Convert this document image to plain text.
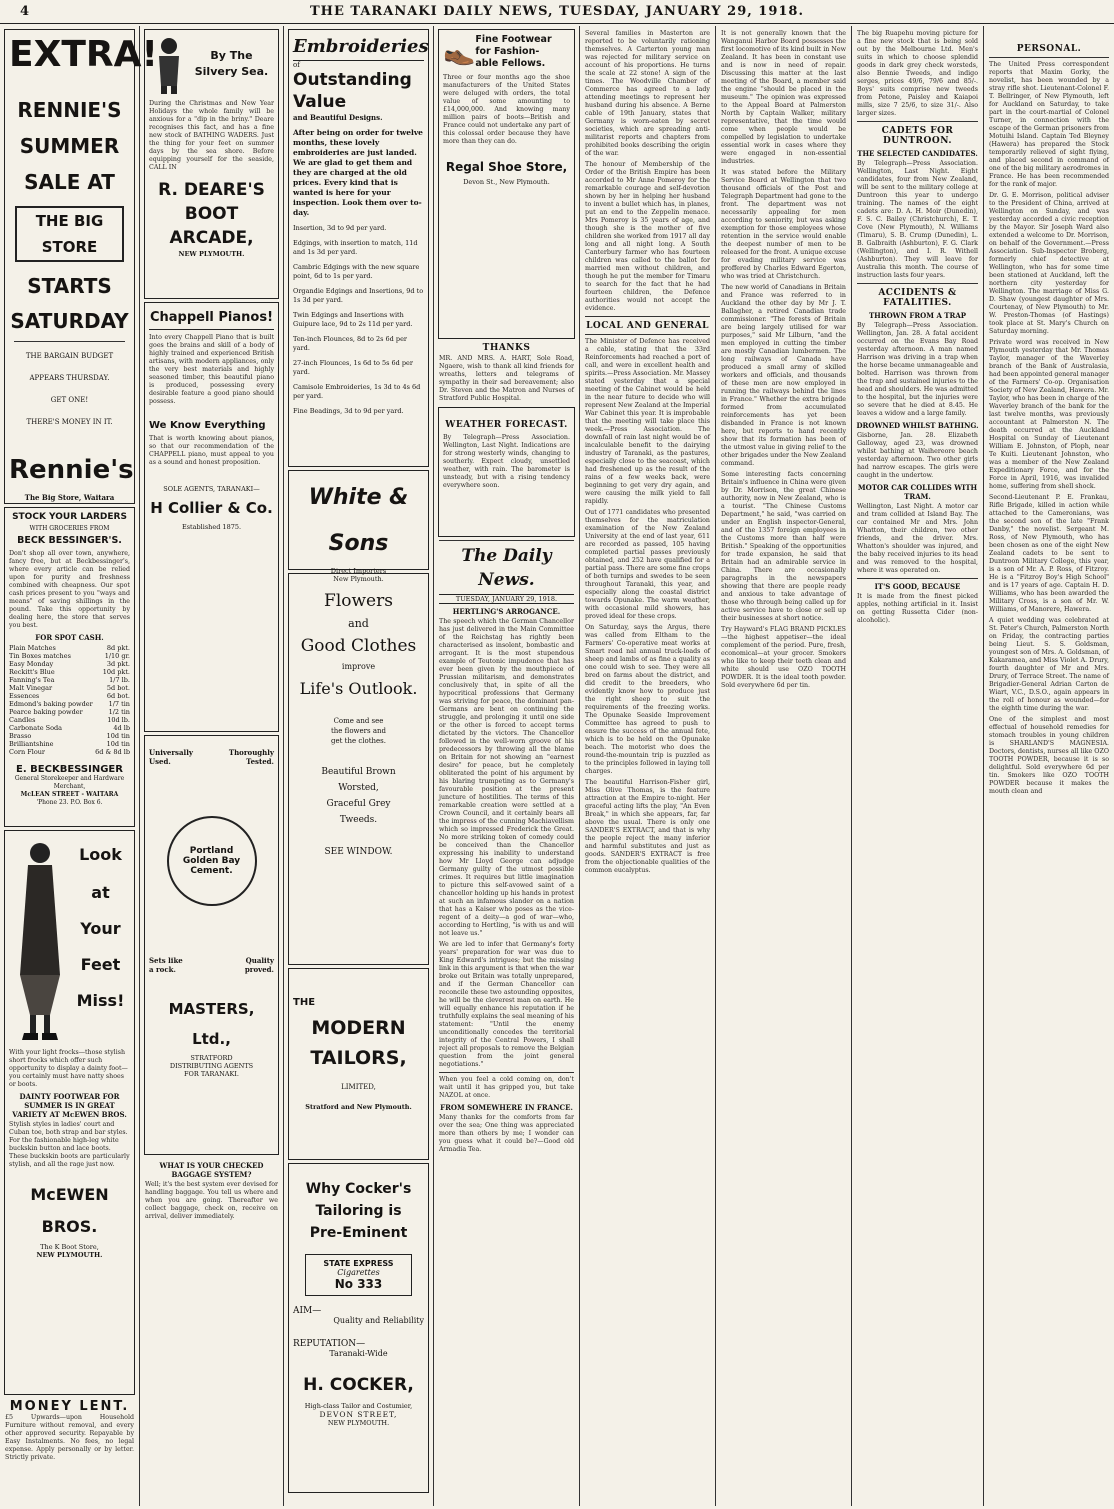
4	THE TARANAKI DAILY NEWS, TUESDAY, JANUARY 29, 1918.
EXTRA!
RENNIE'S
SUMMER
SALE AT
THE BIG STORE
STARTS
SATURDAY
THE BARGAIN BUDGET
APPEARS THURSDAY.
GET ONE!
THERE'S MONEY IN IT.
Rennie's
The Big Store, Waitara
STOCK YOUR LARDERS
WITH GROCERIES FROM
BECK BESSINGER'S.
Don't shop all over town, anywhere, fancy free, but at Beckbessinger's, where every article can be relied upon for purity and freshness combined with cheapness. Our spot cash prices present to you "ways and means" of saving shillings in the pound. Take this opportunity by dealing here, the store that serves you best.
FOR SPOT CASH.
Plain Matches	8d pkt.
Tin Boxes matches	1/10 gr.
Easy Monday	3d pkt.
Reckitt's Blue	10d pkt.
Fanning's Tea	1/7 lb.
Malt Vinegar	5d bot.
Essences	6d bot.
Edmond's baking powder 1/7 tin
Pearce baking powder	1/2 tin
Candles	10d lb.
Carbonate Soda	4d lb
Brasso	10d tin
Brilliantshine	10d tin
Corn Flour	6d & 8d lb
E. BECKBESSINGER
General Storekeeper and Hardware Merchant,
McLEAN STREET - WAITARA
'Phone 23. P.O. Box 6.
Look
at
Your
Feet
Miss!
With your light frocks—those stylish short frocks which offer such opportunity to display a dainty foot—you certainly must have natty shoes or boots.
DAINTY FOOTWEAR FOR SUMMER IS IN GREAT VARIETY AT McEWEN BROS.
Stylish styles in ladies' court and Cuban toe, both strap and bar styles. For the fashionable high-leg white buckskin button and lace boots. These buckskin boots are particularly stylish, and all the rage just now.
McEWEN BROS.
The K Boot Store,
NEW PLYMOUTH.
MONEY LENT.
£5 Upwards—upon Household Furniture without removal, and every other approved security. Repayable by Easy Instalments. No fees, no legal expense. Apply personally or by letter. Strictly private.
By The
Silvery Sea.
During the Christmas and New Year Holidays the whole family will be anxious for a "dip in the briny." Deare recognises this fact, and has a fine new stock of BATHING WADERS. Just the thing for your feet on summer days by the sea shore. Before equipping yourself for the seaside, CALL IN
R. DEARE'S
BOOT
ARCADE,
NEW PLYMOUTH.
Chappell Pianos!
Into every Chappell Piano that is built goes the brains and skill of a body of highly trained and experienced British artisans, with modern appliances, only the very best materials and highly seasoned timber, this beautiful piano is produced, possessing every desirable feature a good piano should possess.
We Know Everything
That is worth knowing about pianos, so that our recommendation of the CHAPPELL piano, must appeal to you as a sound and honest proposition.
SOLE AGENTS, TARANAKI—
H Collier & Co.
Established 1875.
Universally	Thoroughly
Used.	Tested.
Portland
Golden Bay
Cement.
Sets like	Quality
a rock.	proved.
MASTERS, Ltd.,
STRATFORD
DISTRIBUTING AGENTS
FOR TARANAKI.
WHAT IS YOUR CHECKED BAGGAGE SYSTEM?
Well; it's the best system ever devised for handling baggage. You tell us where and when you are going. Thereafter we collect baggage, check on, receive on arrival, deliver immediately.
Embroideries
of
Outstanding
Value
and Beautiful Designs.
After being on order for twelve months, these lovely embroideries are just landed. We are glad to get them and they are charged at the old prices. Every kind that is wanted is here for your inspection. Look them over to-day.
Insertion, 3d to 9d per yard.
Edgings, with insertion to match, 11d and 1s 3d per yard.
Cambric Edgings with the new square point, 6d to 1s per yard.
Organdie Edgings and Insertions, 9d to 1s 3d per yard.
Twin Edgings and Insertions with Guipure lace, 9d to 2s 11d per yard.
Ten-inch Flounces, 8d to 2s 6d per yard.
27-inch Flounces, 1s 6d to 5s 6d per yard.
Camisole Embroideries, 1s 3d to 4s 6d per yard.
Fine Beadings, 3d to 9d per yard.
White & Sons
Direct Importers
New Plymouth.
Flowers
and
Good Clothes
improve
Life's Outlook.
Come and see
the flowers and
get the clothes.
Beautiful Brown
Worsted,
Graceful Grey
Tweeds.
SEE WINDOW.
THE
MODERN
TAILORS,
LIMITED,
Stratford and New Plymouth.
Why Cocker's
Tailoring is
Pre-Eminent
STATE EXPRESS
Cigarettes
No 333
AIM—
Quality and Reliability
REPUTATION—
Taranaki-Wide
H. COCKER,
High-class Tailor and Costumier,
DEVON STREET,
NEW PLYMOUTH.
👞 Fine Footwear
for Fashion-
able Fellows.
Three or four months ago the shoe manufacturers of the United States were deluged with orders, the total value of some amounting to £14,000,000. And knowing many million pairs of boots—British and France could not undertake any part of this colossal order because they have more than they can do.
Regal Shoe Store,
Devon St., New Plymouth.
THANKS
MR. AND MRS. A. HART, Sole Road, Ngaere, wish to thank all kind friends for wreaths, letters and telegrams of sympathy in their sad bereavement; also Dr. Steven and the Matron and Nurses of Stratford Public Hospital.
WEATHER FORECAST.
By Telegraph—Press Association. Wellington, Last Night. Indications are for strong westerly winds, changing to southerly. Expect cloudy, unsettled weather, with rain. The barometer is unsteady, but with a rising tendency everywhere soon.
The Daily News.
TUESDAY, JANUARY 29, 1918.
HERTLING'S ARROGANCE.
The speech which the German Chancellor has just delivered in the Main Committee of the Reichstag has rightly been characterised as insolent, bombastic and arrogant. It is the most stupendous example of Teutonic impudence that has ever been given by the mouthpiece of Prussian militarism, and demonstrates conclusively that, in spite of all the hypocritical professions that Germany was striving for peace, the dominant pan-Germans are bent on continuing the struggle, and prolonging it until one side or the other is forced to accept terms dictated by the victors. The Chancellor followed in the well-worn groove of his predecessors by throwing all the blame on Britain for not showing an "earnest desire" for peace, but he completely obliterated the point of his argument by his blaring trumpeting as to Germany's favourable position at the present juncture of hostilities. The terms of this remarkable creation were settled at a Crown Council, and it certainly bears all the impress of the cunning Machiavellism which so impressed Frederick the Great. No more striking token of comedy could be conceived than the Chancellor expressing his inability to understand how Mr Lloyd George can adjudge Germany guilty of the utmost possible crimes. It requires but little imagination to picture this self-avowed saint of a chancellor holding up his hands in protest at such an infamous slander on a nation that has a Kaiser who poses as the vice-regent of a deity—a god of war—who, according to Hertling, "is with us and will not leave us."
We are led to infer that Germany's forty years' preparation for war was due to King Edward's intrigues; but the missing link in this argument is that when the war broke out Britain was totally unprepared, and if the German Chancellor can reconcile these two astounding opposites, he will be the cleverest man on earth. He will equally enhance his reputation if he truthfully explains the seal meaning of his statement: "Until the enemy unconditionally concedes the territorial integrity of the Central Powers, I shall reject all proposals to remove the Belgian question from the joint general negotiations."
When you feel a cold coming on, don't wait until it has gripped you, but take NAZOL at once.
FROM SOMEWHERE IN FRANCE.
Many thanks for the comforts from far over the sea; One thing was appreciated more than others by me; I wonder can you guess what it could be?—Good old Armadia Tea.
Several families in Masterton are reported to be voluntarily rationing themselves. A Carterton young man was rejected for military service on account of his proportions. He turns the scale at 22 stone! A sign of the times. The Woodville Chamber of Commerce has agreed to a lady attending meetings to represent her husband during his absence. A Berne cable of 19th January, states that Germany is worn-eaten by secret societies, which are spreading anti-militarist reports and chapters from prohibited books describing the origin of the war.
The honour of Membership of the Order of the British Empire has been accorded to Mr Anne Pomeroy for the remarkable courage and self-devotion shown by her in helping her husband to invent a bullet which has, in planes, put an end to the Zeppelin menace. Mrs Pomeroy is 35 years of age, and though she is the mother of five children she worked from 1917 all day long and all night long. A South Canterbury farmer who has fourteen children was called to the ballot for married men without children, and though he put the member for Timaru to search for the fact that he had fourteen children, the Defence authorities would not accept the evidence.
LOCAL AND GENERAL
The Minister of Defence has received a cable, stating that the 33rd Reinforcements had reached a port of call, and were in excellent health and spirits.—Press Association. Mr. Massey stated yesterday that a special meeting of the Cabinet would be held in the near future to decide who will represent New Zealand at the Imperial War Cabinet this year. It is improbable that the meeting will take place this week.—Press Association. The downfall of rain last night would be of incalculable benefit to the dairying industry of Taranaki, as the pastures, especially close to the seacoast, which had freshened up as the result of the rains of a few weeks back, were beginning to get very dry again, and were causing the milk yield to fall rapidly.
Out of 1771 candidates who presented themselves for the matriculation examination of the New Zealand University at the end of last year, 611 are recorded as passed, 105 having completed partial passes previously obtained, and 252 have qualified for a partial pass. There are some fine crops of both turnips and swedes to be seen throughout Taranaki, this year, and especially along the coastal district towards Opunake. The warm weather, with occasional mild showers, has proved ideal for these crops.
On Saturday, says the Argus, there was called from Eltham to the Farmers' Co-operative meat works at Smart road nal annual truck-loads of sheep and lambs of as fine a quality as one could wish to see. They were all bred on farms about the district, and did credit to the breeders, who evidently know how to produce just the right sheep to suit the requirements of the freezing works. The Opunake Seaside Improvement Committee has agreed to push to ensure the success of the annual fete, which is to be held on the Opunake beach. The motorist who does the round-the-mountain trip is puzzled as to the principles followed in laying toll charges.
The beautiful Harrison-Fisher girl, Miss Olive Thomas, is the feature attraction at the Empire to-night. Her graceful acting lifts the play, "An Even Break," in which she appears, far, far above the usual. There is only one SANDER'S EXTRACT, and that is why the people reject the many inferior and harmful substitutes and just as goods. SANDER'S EXTRACT is free from the objectionable qualities of the common eucalyptus.
It is not generally known that the Wanganui Harbor Board possesses the first locomotive of its kind built in New Zealand. It has been in constant use and is now in need of repair. Discussing this matter at the last meeting of the Board, a member said the engine "should be placed in the museum." The opinion was expressed to the Appeal Board at Palmerston North by Captain Walker, military representative, that the time would come when people would be compelled by legislation to undertake essential work in cases where they were engaged in non-essential industries.
It was stated before the Military Service Board at Wellington that two thousand officials of the Post and Telegraph Department had gone to the front. The department was not necessarily appealing for men according to seniority, but was asking exemption for those employees whose retention in the service would enable the deepest number of men to be released for the front. A unique excuse for evading military service was proffered by Charles Edward Egerton, who was tried at Christchurch.
The new world of Canadians in Britain and France was referred to in Auckland the other day by Mr J. T. Ballagher, a retired Canadian trade commissioner. "The forests of Britain are being largely utilised for war purposes," said Mr Lilburn, "and the men employed in cutting the timber are mostly Canadian lumbermen. The long railways of Canada have produced a small army of skilled workers and officials, and thousands of these men are now employed in running the railways behind the lines in France." Whether the extra brigade formed from accumulated reinforcements has yet been disbanded in France is not known here, but reports to hand recently show that its formation has been of the utmost value in giving relief to the other brigades under the New Zealand command.
Some interesting facts concerning Britain's influence in China were given by Dr. Morrison, the great Chinese authority, now in New Zealand, who is a tourist. "The Chinese Customs Department," he said, "was carried on under an English inspector-General, and of the 1357 foreign employees in the Customs more than half were British." Speaking of the opportunities for trade expansion, he said that Britain had an admirable service in China. There are occasionally paragraphs in the newspapers showing that there are people ready and anxious to take advantage of those who through being called up for active service have to close or sell up their businesses at short notice.
Try Hayward's FLAG BRAND PICKLES—the highest appetiser—the ideal complement of the period. Pure, fresh, economical—at your grocer. Smokers who like to keep their teeth clean and white should use OZO TOOTH POWDER. It is the ideal tooth powder. Sold everywhere 6d per tin.
The big Ruapehu moving picture for a fine new stock that is being sold out by the Melbourne Ltd. Men's suits in which to choose splendid goods in dark grey check worsteds, also Bennie Tweeds, and indigo serges, prices 49/6, 79/6 and 85/-. Boys' suits comprise new tweeds from Petone, Paisley and Kaiapoi mills, size 7 25/6, to size 31/-. Also larger sizes.
CADETS FOR DUNTROON.
THE SELECTED CANDIDATES.
By Telegraph—Press Association. Wellington, Last Night. Eight candidates, four from New Zealand, will be sent to the military college at Duntroon this year to undergo training. The names of the eight cadets are: D. A. H. Moir (Dunedin), F. S. C. Bailey (Christchurch), E. T. Cove (New Plymouth), N. Williams (Timaru), S. B. Crump (Dunedin), L. B. Galbraith (Ashburton), F. G. Clark (Wellington), and I. R. Withell (Ashburton). They will leave for Australia this month. The course of instruction lasts four years.
ACCIDENTS & FATALITIES.
THROWN FROM A TRAP
By Telegraph—Press Association. Wellington, Jan. 28. A fatal accident occurred on the Evans Bay Road yesterday afternoon. A man named Harrison was driving in a trap when the horse became unmanageable and bolted. Harrison was thrown from the trap and sustained injuries to the head and shoulders. He was admitted to the hospital, but the injuries were so severe that he died at 8.45. He leaves a widow and a large family.
DROWNED WHILST BATHING.
Gisborne, Jan. 28. Elizabeth Galloway, aged 23, was drowned whilst bathing at Waihereore beach yesterday afternoon. Two other girls had narrow escapes. The girls were caught in the undertow.
MOTOR CAR COLLIDES WITH TRAM.
Wellington, Last Night. A motor car and tram collided at Island Bay. The car contained Mr and Mrs. John Whatton, their children, two other friends, and the driver. Mrs. Whatton's shoulder was injured, and the baby received injuries to its head and was removed to the hospital, where it was operated on.
IT'S GOOD, BECAUSE
It is made from the finest picked apples, nothing artificial in it. Insist on getting Russetta Cider (non-alcoholic).
PERSONAL.
The United Press correspondent reports that Maxim Gorky, the novelist, has been wounded by a stray rifle shot. Lieutenant-Colonel F. T. Bellringer, of New Plymouth, left for Auckland on Saturday, to take part in the court-martial of Colonel Turner, in connection with the escape of the German prisoners from Motuihi Island. Captain Ted Bleyney (Hawera) has prepared the Stock temporarily relieved of sight flying, and placed second in command of one of the big military aerodromes in France. He has been recommended for the rank of major.
Dr. G. E. Morrison, political adviser to the President of China, arrived at Wellington on Sunday, and was yesterday accorded a civic reception by the Mayor. Sir Joseph Ward also extended a welcome to Dr. Morrison, on behalf of the Government.—Press Association. Sub-Inspector Broberg, formerly chief detective at Wellington, who has for some time been stationed at Auckland, left the northern city yesterday for Wellington. The marriage of Miss G. D. Shaw (youngest daughter of Mrs. Courtenay, of New Plymouth) to Mr. W. Preston-Thomas (of Hastings) took place at St. Mary's Church on Saturday morning.
Private word was received in New Plymouth yesterday that Mr. Thomas Taylor, manager of the Waverley branch of the Bank of Australasia, had been appointed general manager of the Farmers' Co-op. Organisation Society of New Zealand, Hawera. Mr. Taylor, who has been in charge of the Waverley branch of the bank for the last twelve months, was previously accountant at Palmerston N. The death occurred at the Auckland Hospital on Sunday of Lieutenant William E. Johnston, of Ploph, near Te Kuiti. Lieutenant Johnston, who was a member of the New Zealand Expeditionary Force, and for the Force in April, 1916, was invalided home, suffering from shell shock.
Second-Lieutenant P. E. Frankau, Rifle Brigade, killed in action while attached to the Cameronians, was the second son of the late "Frank Danby," the novelist. Sergeant M. Ross, of New Plymouth, who has been chosen as one of the eight New Zealand cadets to be sent to Duntroon Military College, this year, is a son of Mr. A. P. Ross, of Fitzroy. He is a "Fitzroy Boy's High School" and is 17 years of age. Captain H. D. Williams, who has been awarded the Military Cross, is a son of Mr. W. Williams, of Manorere, Hawera.
A quiet wedding was celebrated at St. Peter's Church, Palmerston North on Friday, the contracting parties being Lieut. S. S. Goldsman, youngest son of Mrs. A. Goldsman, of Kakaramea, and Miss Violet A. Drury, fourth daughter of Mr and Mrs. Drury, of Terrace Street. The name of Brigadier-General Adrian Carton de Wiart, V.C., D.S.O., again appears in the roll of honour as wounded—for the eighth time during the war.
One of the simplest and most effectual of household remedies for stomach troubles in young children is SHARLAND'S MAGNESIA. Doctors, dentists, nurses all like OZO TOOTH POWDER, because it is so delightful. Sold everywhere 6d per tin. Smokers like OZO TOOTH POWDER because it makes the mouth clean and
